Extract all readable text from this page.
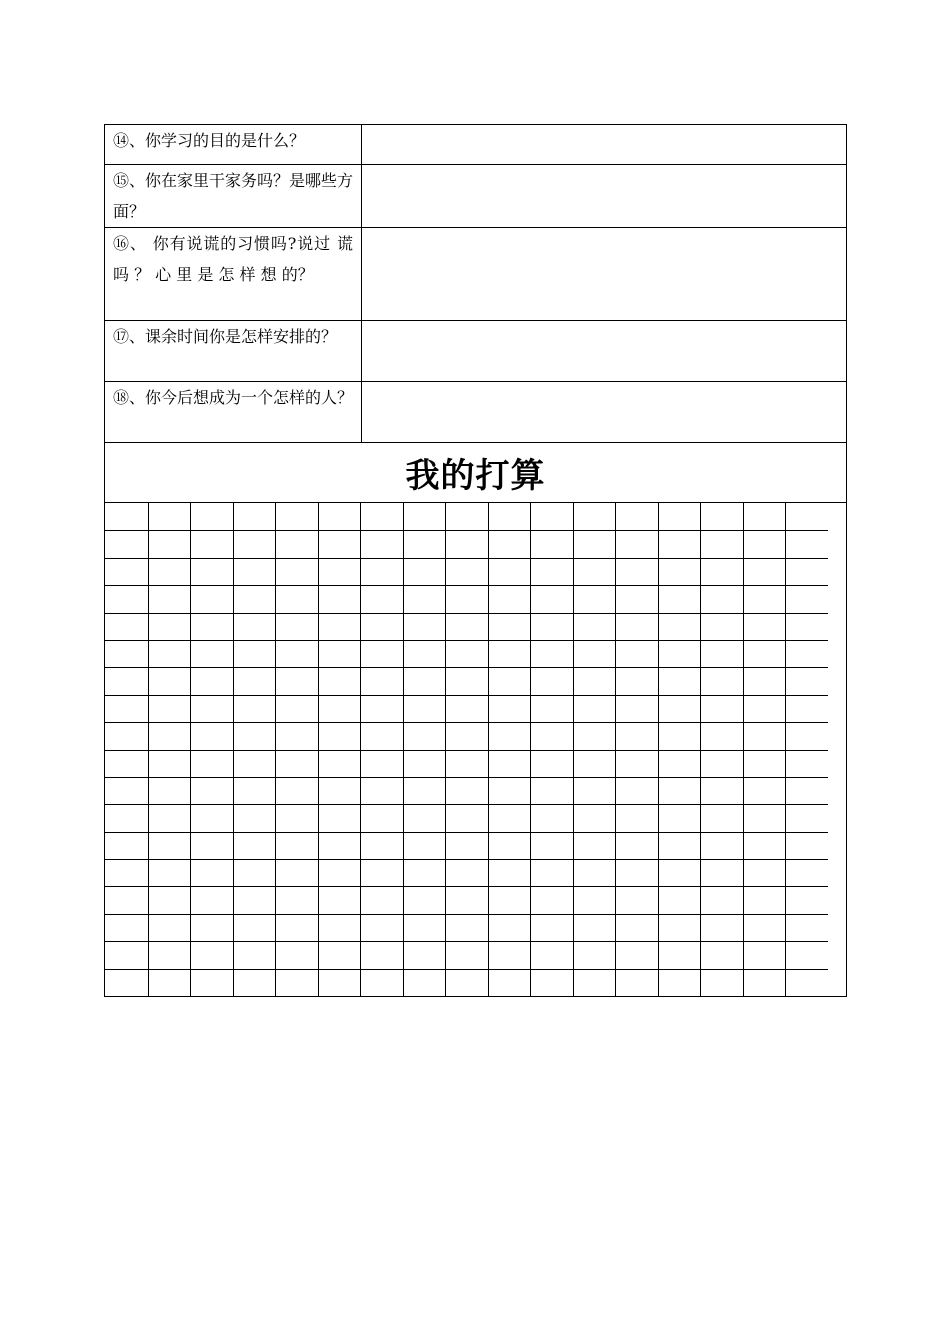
⑭、你学习的目的是什么？	

⑮、你在家里干家务吗？是哪些方面？	

⑯、 你有说谎的习惯吗?说过 谎 吗 ？ 心 里 是 怎 样 想 的？	

⑰、课余时间你是怎样安排的？	

⑱、你今后想成为一个怎样的人？	

我的打算	
